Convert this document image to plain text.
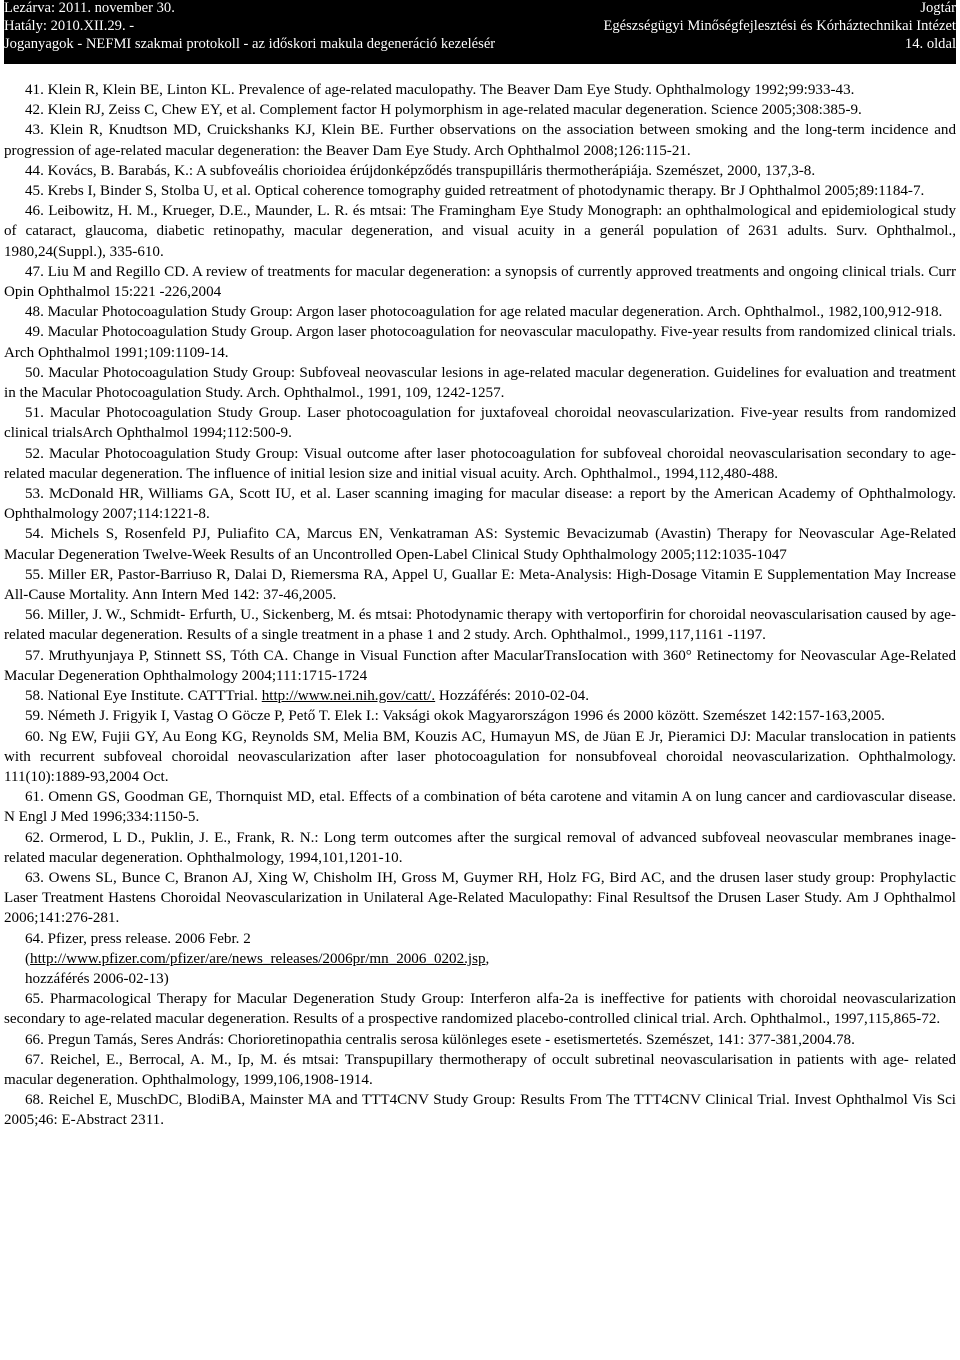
Lezárva: 2011. november 30.	Jogtár
Hatály: 2010.XII.29. -	Egészségügyi Minőségfejlesztési és Kórháztechnikai Intézet
Joganyagok - NEFMI szakmai protokoll - az időskori makula degeneráció kezelésér	14. oldal

41. Klein R, Klein BE, Linton KL. Prevalence of age-related maculopathy. The Beaver Dam Eye Study. Ophthalmology 1992;99:933-43.

42. Klein RJ, Zeiss C, Chew EY, et al. Complement factor H polymorphism in age-related macular degeneration. Science 2005;308:385-9.

43. Klein R, Knudtson MD, Cruickshanks KJ, Klein BE. Further observations on the association between smoking and the long-term incidence and progression of age-related macular degeneration: the Beaver Dam Eye Study. Arch Ophthalmol 2008;126:115-21.

44. Kovács, B. Barabás, K.: A subfoveális chorioidea érújdonképződés transpupilláris thermotherápiája. Szemészet, 2000, 137,3-8.

45. Krebs I, Binder S, Stolba U, et al. Optical coherence tomography guided retreatment of photodynamic therapy. Br J Ophthalmol 2005;89:1184-7.

46. Leibowitz, H. M., Krueger, D.E., Maunder, L. R. és mtsai: The Framingham Eye Study Monograph: an ophthalmological and epidemiological study of cataract, glaucoma, diabetic retinopathy, macular degeneration, and visual acuity in a generál population of 2631 adults. Surv. Ophthalmol., 1980,24(Suppl.), 335-610.

47. Liu M and Regillo CD. A review of treatments for macular degeneration: a synopsis of currently approved treatments and ongoing clinical trials. Curr Opin Ophthalmol 15:221 -226,2004

48. Macular Photocoagulation Study Group: Argon laser photocoagulation for age related macular degeneration. Arch. Ophthalmol., 1982,100,912-918.

49. Macular Photocoagulation Study Group. Argon laser photocoagulation for neovascular maculopathy. Five-year results from randomized clinical trials. Arch Ophthalmol 1991;109:1109-14.

50. Macular Photocoagulation Study Group: Subfoveal neovascular lesions in age-related macular degeneration. Guidelines for evaluation and treatment in the Macular Photocoagulation Study. Arch. Ophthalmol., 1991, 109, 1242-1257.

51. Macular Photocoagulation Study Group. Laser photocoagulation for juxtafoveal choroidal neovascularization. Five-year results from randomized clinical trialsArch Ophthalmol 1994;112:500-9.

52. Macular Photocoagulation Study Group: Visual outcome after laser photocoagulation for subfoveal choroidal neovascularisation secondary to age-related macular degeneration. The influence of initial lesion size and initial visual acuity. Arch. Ophthalmol., 1994,112,480-488.

53. McDonald HR, Williams GA, Scott IU, et al. Laser scanning imaging for macular disease: a report by the American Academy of Ophthalmology. Ophthalmology 2007;114:1221-8.

54. Michels S, Rosenfeld PJ, Puliafito CA, Marcus EN, Venkatraman AS: Systemic Bevacizumab (Avastin) Therapy for Neovascular Age-Related Macular Degeneration Twelve-Week Results of an Uncontrolled Open-Label Clinical Study Ophthalmology 2005;112:1035-1047

55. Miller ER, Pastor-Barriuso R, Dalai D, Riemersma RA, Appel U, Guallar E: Meta-Analysis: High-Dosage Vitamin E Supplementation May Increase All-Cause Mortality. Ann Intern Med 142: 37-46,2005.

56. Miller, J. W., Schmidt- Erfurth, U., Sickenberg, M. és mtsai: Photodynamic therapy with vertoporfirin for choroidal neovascularisation caused by age- related macular degeneration. Results of a single treatment in a phase 1 and 2 study. Arch. Ophthalmol., 1999,117,1161 -1197.

57. Mruthyunjaya P, Stinnett SS, Tóth CA. Change in Visual Function after MacularTransIocation with 360° Retinectomy for Neovascular Age-Related Macular Degeneration Ophthalmology 2004;111:1715-1724

58. National Eye Institute. CATTTrial. http://www.nei.nih.gov/catt/. Hozzáférés: 2010-02-04.

59. Németh J. Frigyik I, Vastag O Göcze P, Pető T. Elek I.: Vaksági okok Magyarországon 1996 és 2000 között. Szemészet 142:157-163,2005.

60. Ng EW, Fujii GY, Au Eong KG, Reynolds SM, Melia BM, Kouzis AC, Humayun MS, de Jüan E Jr, Pieramici DJ: Macular translocation in patients with recurrent subfoveal choroidal neovascularization after laser photocoagulation for nonsubfoveal choroidal neovascularization. Ophthalmology. 111(10):1889-93,2004 Oct.

61. Omenn GS, Goodman GE, Thornquist MD, etal. Effects of a combination of béta carotene and vitamin A on lung cancer and cardiovascular disease. N Engl J Med 1996;334:1150-5.

62. Ormerod, L D., Puklin, J. E., Frank, R. N.: Long term outcomes after the surgical removal of advanced subfoveal neovascular membranes inage- related macular degeneration. Ophthalmology, 1994,101,1201-10.

63. Owens SL, Bunce C, Branon AJ, Xing W, Chisholm IH, Gross M, Guymer RH, Holz FG, Bird AC, and the drusen laser study group: Prophylactic Laser Treatment Hastens Choroidal Neovascularization in Unilateral Age-Related Maculopathy: Final Resultsof the Drusen Laser Study. Am J Ophthalmol 2006;141:276-281.

64. Pfizer, press release. 2006 Febr. 2
(http://www.pfizer.com/pfizer/are/news_releases/2006pr/mn_2006_0202.jsp,
hozzáférés 2006-02-13)

65. Pharmacological Therapy for Macular Degeneration Study Group: Interferon alfa-2a is ineffective for patients with choroidal neovascularization secondary to age-related macular degeneration. Results of a prospective randomized placebo-controlled clinical trial. Arch. Ophthalmol., 1997,115,865-72.

66. Pregun Tamás, Seres András: Chorioretinopathia centralis serosa különleges esete - esetismertetés. Szemészet, 141: 377-381,2004.78.

67. Reichel, E., Berrocal, A. M., Ip, M. és mtsai: Transpupillary thermotherapy of occult subretinal neovascularisation in patients with age- related macular degeneration. Ophthalmology, 1999,106,1908-1914.

68. Reichel E, MuschDC, BlodiBA, Mainster MA and TTT4CNV Study Group: Results From The TTT4CNV Clinical Trial. Invest Ophthalmol Vis Sci 2005;46: E-Abstract 2311.
